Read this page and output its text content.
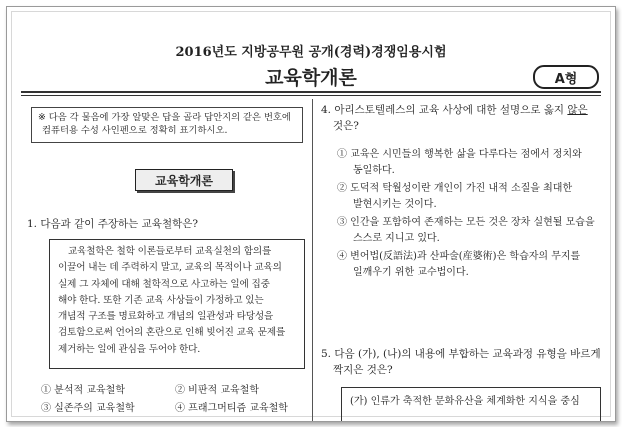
2016년도 지방공무원 공개(경력)경쟁임용시험
교육학개론	A형
※ 다음 각 물음에 가장 알맞은 답을 골라 답안지의 같은 번호에
컴퓨터용 수성 사인펜으로 정확히 표기하시오.
교육학개론
1. 다음과 같이 주장하는 교육철학은?

교육철학은 철학 이론들로부터 교육실천의 함의를

이끌어 내는 데 주력하지 말고, 교육의 목적이나 교육의

실제 그 자체에 대해 철학적으로 사고하는 일에 집중

해야 한다. 또한 기존 교육 사상들이 가정하고 있는

개념적 구조를 명료화하고 개념의 일관성과 타당성을

검토함으로써 언어의 혼란으로 인해 빚어진 교육 문제를

제거하는 일에 관심을 두어야 한다.

① 분석적 교육철학	② 비판적 교육철학
③ 실존주의 교육철학	④ 프래그머티즘 교육철학
4. 아리스토텔레스의 교육 사상에 대한 설명으로 옳지 않은
것은?
① 교육은 시민들의 행복한 삶을 다루다는 점에서 정치와
동일하다.
② 도덕적 탁월성이란 개인이 가진 내적 소질을 최대한
발현시키는 것이다.
③ 인간을 포함하여 존재하는 모든 것은 장차 실현될 모습을
스스로 지니고 있다.
④ 변어법(反語法)과 산파술(産婆術)은 학습자의 무지를
일깨우기 위한 교수법이다.
5. 다음 (가), (나)의 내용에 부합하는 교육과정 유형을 바르게
짝지은 것은?
(가) 인류가 축적한 문화유산을 체계화한 지식을 중심
